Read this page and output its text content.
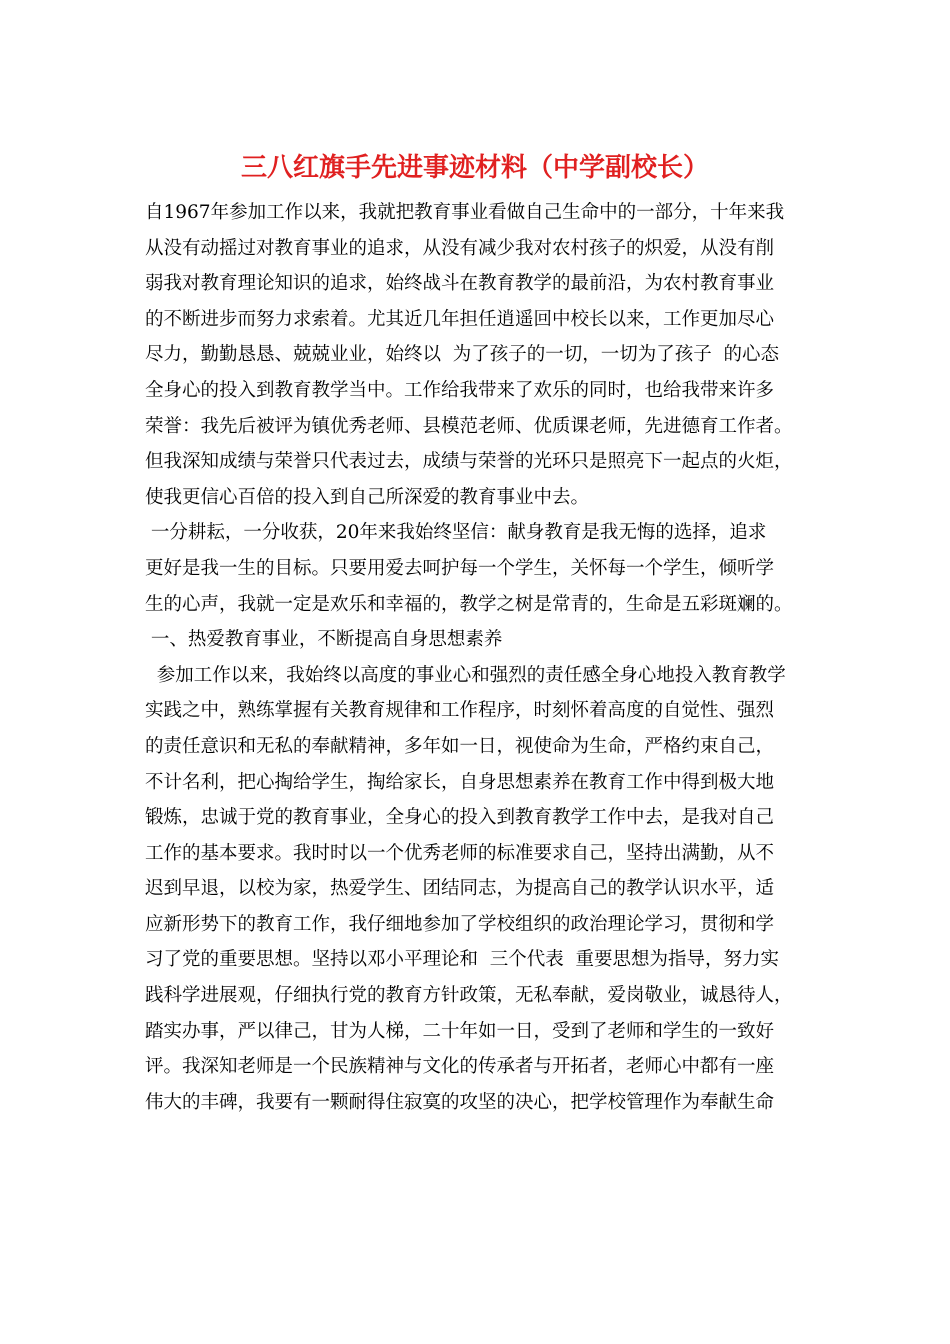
三八红旗手先进事迹材料（中学副校长）
自1967年参加工作以来，我就把教育事业看做自己生命中的一部分，十年来我
从没有动摇过对教育事业的追求，从没有减少我对农村孩子的炽爱，从没有削
弱我对教育理论知识的追求，始终战斗在教育教学的最前沿，为农村教育事业
的不断进步而努力求索着。尤其近几年担任逍遥回中校长以来，工作更加尽心
尽力，勤勤恳恳、兢兢业业，始终以  为了孩子的一切，一切为了孩子  的心态
全身心的投入到教育教学当中。工作给我带来了欢乐的同时，也给我带来许多
荣誉：我先后被评为镇优秀老师、县模范老师、优质课老师，先进德育工作者。
但我深知成绩与荣誉只代表过去，成绩与荣誉的光环只是照亮下一起点的火炬，
使我更信心百倍的投入到自己所深爱的教育事业中去。
一分耕耘，一分收获，20年来我始终坚信：献身教育是我无悔的选择，追求
更好是我一生的目标。只要用爱去呵护每一个学生，关怀每一个学生，倾听学
生的心声，我就一定是欢乐和幸福的，教学之树是常青的，生命是五彩斑斓的。
一、热爱教育事业，不断提高自身思想素养
参加工作以来，我始终以高度的事业心和强烈的责任感全身心地投入教育教学
实践之中，熟练掌握有关教育规律和工作程序，时刻怀着高度的自觉性、强烈
的责任意识和无私的奉献精神，多年如一日，视使命为生命，严格约束自己，
不计名利，把心掏给学生，掏给家长，自身思想素养在教育工作中得到极大地
锻炼，忠诚于党的教育事业，全身心的投入到教育教学工作中去，是我对自己
工作的基本要求。我时时以一个优秀老师的标准要求自己，坚持出满勤，从不
迟到早退，以校为家，热爱学生、团结同志，为提高自己的教学认识水平，适
应新形势下的教育工作，我仔细地参加了学校组织的政治理论学习，贯彻和学
习了党的重要思想。坚持以邓小平理论和  三个代表  重要思想为指导，努力实
践科学进展观，仔细执行党的教育方针政策，无私奉献，爱岗敬业，诚恳待人，
踏实办事，严以律己，甘为人梯，二十年如一日，受到了老师和学生的一致好
评。我深知老师是一个民族精神与文化的传承者与开拓者，老师心中都有一座
伟大的丰碑，我要有一颗耐得住寂寞的攻坚的决心，把学校管理作为奉献生命
